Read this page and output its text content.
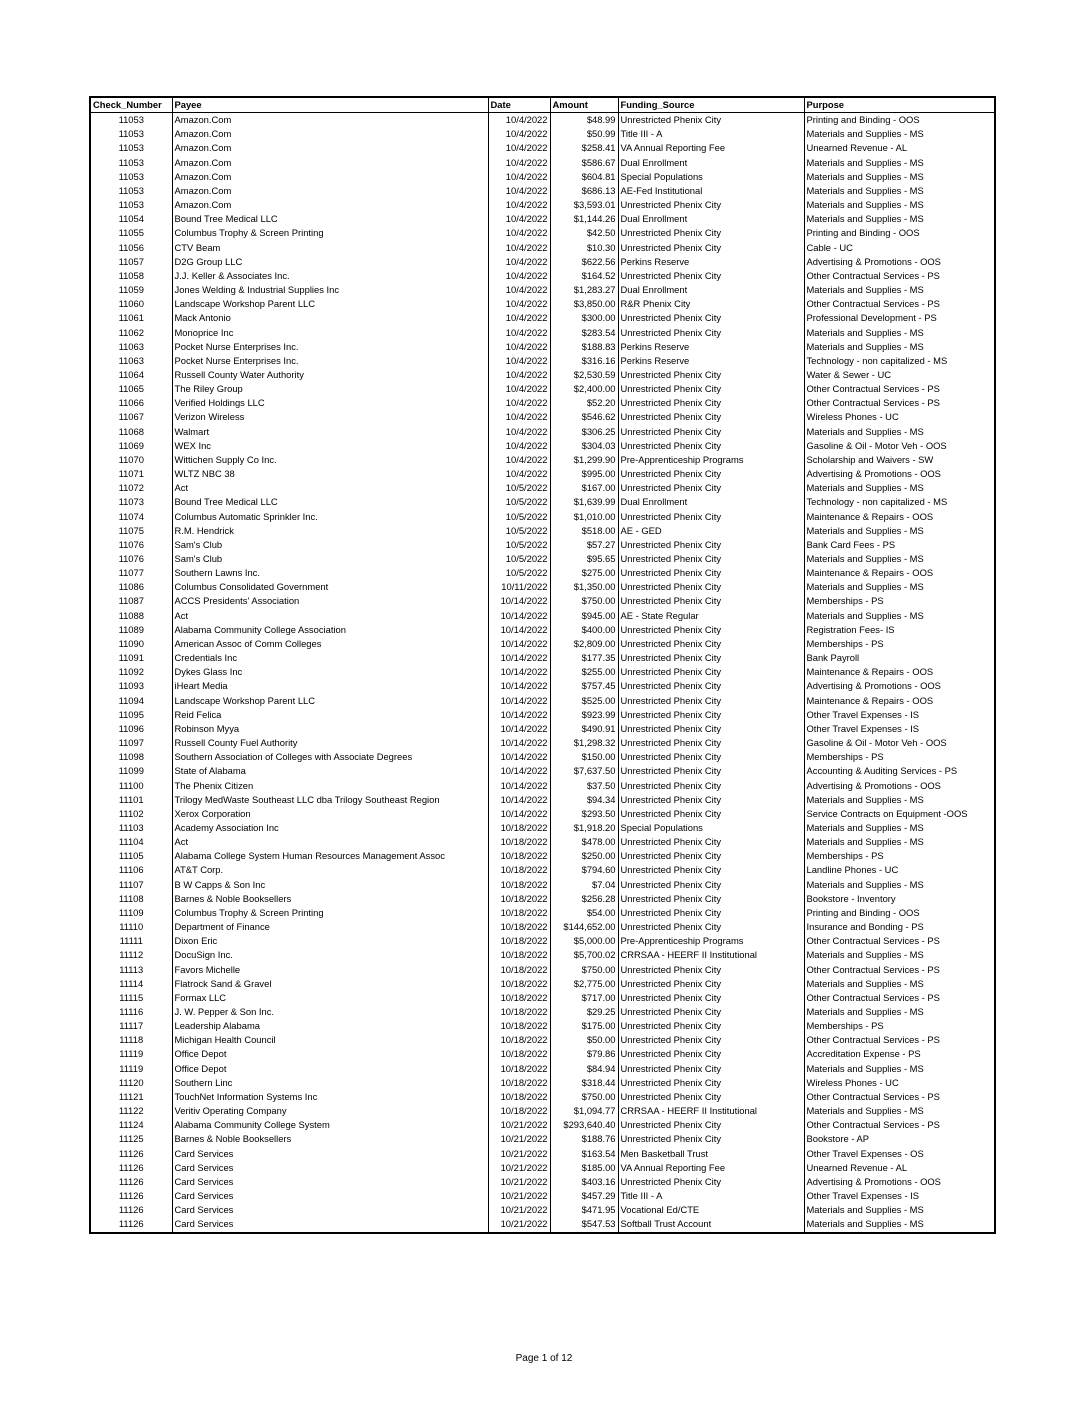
Check_Number	Payee	Date	Amount	Funding_Source	Purpose
11053	Amazon.Com	10/4/2022	$48.99	Unrestricted Phenix City	Printing and Binding - OOS
11053	Amazon.Com	10/4/2022	$50.99	Title III - A	Materials and Supplies - MS
11053	Amazon.Com	10/4/2022	$258.41	VA Annual Reporting Fee	Unearned Revenue - AL
11053	Amazon.Com	10/4/2022	$586.67	Dual Enrollment	Materials and Supplies - MS
11053	Amazon.Com	10/4/2022	$604.81	Special Populations	Materials and Supplies - MS
11053	Amazon.Com	10/4/2022	$686.13	AE-Fed Institutional	Materials and Supplies - MS
11053	Amazon.Com	10/4/2022	$3,593.01	Unrestricted Phenix City	Materials and Supplies - MS
11054	Bound Tree Medical LLC	10/4/2022	$1,144.26	Dual Enrollment	Materials and Supplies - MS
11055	Columbus Trophy & Screen Printing	10/4/2022	$42.50	Unrestricted Phenix City	Printing and Binding - OOS
11056	CTV Beam	10/4/2022	$10.30	Unrestricted Phenix City	Cable - UC
11057	D2G Group LLC	10/4/2022	$622.56	Perkins Reserve	Advertising & Promotions - OOS
11058	J.J. Keller & Associates Inc.	10/4/2022	$164.52	Unrestricted Phenix City	Other Contractual Services - PS
11059	Jones Welding & Industrial Supplies Inc	10/4/2022	$1,283.27	Dual Enrollment	Materials and Supplies - MS
11060	Landscape Workshop Parent LLC	10/4/2022	$3,850.00	R&R Phenix City	Other Contractual Services - PS
11061	Mack Antonio	10/4/2022	$300.00	Unrestricted Phenix City	Professional Development - PS
11062	Monoprice Inc	10/4/2022	$283.54	Unrestricted Phenix City	Materials and Supplies - MS
11063	Pocket Nurse Enterprises Inc.	10/4/2022	$188.83	Perkins Reserve	Materials and Supplies - MS
11063	Pocket Nurse Enterprises Inc.	10/4/2022	$316.16	Perkins Reserve	Technology - non capitalized - MS
11064	Russell County Water Authority	10/4/2022	$2,530.59	Unrestricted Phenix City	Water & Sewer - UC
11065	The Riley Group	10/4/2022	$2,400.00	Unrestricted Phenix City	Other Contractual Services - PS
11066	Verified Holdings LLC	10/4/2022	$52.20	Unrestricted Phenix City	Other Contractual Services - PS
11067	Verizon Wireless	10/4/2022	$546.62	Unrestricted Phenix City	Wireless Phones - UC
11068	Walmart	10/4/2022	$306.25	Unrestricted Phenix City	Materials and Supplies - MS
11069	WEX Inc	10/4/2022	$304.03	Unrestricted Phenix City	Gasoline & Oil - Motor Veh - OOS
11070	Wittichen Supply Co Inc.	10/4/2022	$1,299.90	Pre-Apprenticeship Programs	Scholarship and Waivers - SW
11071	WLTZ NBC 38	10/4/2022	$995.00	Unrestricted Phenix City	Advertising & Promotions - OOS
11072	Act	10/5/2022	$167.00	Unrestricted Phenix City	Materials and Supplies - MS
11073	Bound Tree Medical LLC	10/5/2022	$1,639.99	Dual Enrollment	Technology - non capitalized - MS
11074	Columbus Automatic Sprinkler Inc.	10/5/2022	$1,010.00	Unrestricted Phenix City	Maintenance & Repairs - OOS
11075	R.M. Hendrick	10/5/2022	$518.00	AE - GED	Materials and Supplies - MS
11076	Sam's Club	10/5/2022	$57.27	Unrestricted Phenix City	Bank Card Fees - PS
11076	Sam's Club	10/5/2022	$95.65	Unrestricted Phenix City	Materials and Supplies - MS
11077	Southern Lawns Inc.	10/5/2022	$275.00	Unrestricted Phenix City	Maintenance & Repairs - OOS
11086	Columbus Consolidated Government	10/11/2022	$1,350.00	Unrestricted Phenix City	Materials and Supplies - MS
11087	ACCS Presidents' Association	10/14/2022	$750.00	Unrestricted Phenix City	Memberships - PS
11088	Act	10/14/2022	$945.00	AE - State Regular	Materials and Supplies - MS
11089	Alabama Community College Association	10/14/2022	$400.00	Unrestricted Phenix City	Registration Fees- IS
11090	American Assoc of Comm Colleges	10/14/2022	$2,809.00	Unrestricted Phenix City	Memberships - PS
11091	Credentials Inc	10/14/2022	$177.35	Unrestricted Phenix City	Bank Payroll
11092	Dykes Glass Inc	10/14/2022	$255.00	Unrestricted Phenix City	Maintenance & Repairs - OOS
11093	iHeart Media	10/14/2022	$757.45	Unrestricted Phenix City	Advertising & Promotions - OOS
11094	Landscape Workshop Parent LLC	10/14/2022	$525.00	Unrestricted Phenix City	Maintenance & Repairs - OOS
11095	Reid Felica	10/14/2022	$923.99	Unrestricted Phenix City	Other Travel Expenses - IS
11096	Robinson Myya	10/14/2022	$490.91	Unrestricted Phenix City	Other Travel Expenses - IS
11097	Russell County Fuel Authority	10/14/2022	$1,298.32	Unrestricted Phenix City	Gasoline & Oil - Motor Veh - OOS
11098	Southern Association of Colleges with Associate Degrees	10/14/2022	$150.00	Unrestricted Phenix City	Memberships - PS
11099	State of Alabama	10/14/2022	$7,637.50	Unrestricted Phenix City	Accounting & Auditing Services - PS
11100	The Phenix Citizen	10/14/2022	$37.50	Unrestricted Phenix City	Advertising & Promotions - OOS
11101	Trilogy MedWaste Southeast LLC dba Trilogy Southeast Region	10/14/2022	$94.34	Unrestricted Phenix City	Materials and Supplies - MS
11102	Xerox Corporation	10/14/2022	$293.50	Unrestricted Phenix City	Service Contracts on Equipment -OOS
11103	Academy Association Inc	10/18/2022	$1,918.20	Special Populations	Materials and Supplies - MS
11104	Act	10/18/2022	$478.00	Unrestricted Phenix City	Materials and Supplies - MS
11105	Alabama College System Human Resources Management Assoc	10/18/2022	$250.00	Unrestricted Phenix City	Memberships - PS
11106	AT&T Corp.	10/18/2022	$794.60	Unrestricted Phenix City	Landline Phones - UC
11107	B W Capps & Son Inc	10/18/2022	$7.04	Unrestricted Phenix City	Materials and Supplies - MS
11108	Barnes & Noble Booksellers	10/18/2022	$256.28	Unrestricted Phenix City	Bookstore - Inventory
11109	Columbus Trophy & Screen Printing	10/18/2022	$54.00	Unrestricted Phenix City	Printing and Binding - OOS
11110	Department of Finance	10/18/2022	$144,652.00	Unrestricted Phenix City	Insurance and Bonding - PS
11111	Dixon Eric	10/18/2022	$5,000.00	Pre-Apprenticeship Programs	Other Contractual Services - PS
11112	DocuSign Inc.	10/18/2022	$5,700.02	CRRSAA - HEERF II Institutional	Materials and Supplies - MS
11113	Favors Michelle	10/18/2022	$750.00	Unrestricted Phenix City	Other Contractual Services - PS
11114	Flatrock Sand & Gravel	10/18/2022	$2,775.00	Unrestricted Phenix City	Materials and Supplies - MS
11115	Formax LLC	10/18/2022	$717.00	Unrestricted Phenix City	Other Contractual Services - PS
11116	J. W. Pepper & Son Inc.	10/18/2022	$29.25	Unrestricted Phenix City	Materials and Supplies - MS
11117	Leadership Alabama	10/18/2022	$175.00	Unrestricted Phenix City	Memberships - PS
11118	Michigan Health Council	10/18/2022	$50.00	Unrestricted Phenix City	Other Contractual Services - PS
11119	Office Depot	10/18/2022	$79.86	Unrestricted Phenix City	Accreditation Expense - PS
11119	Office Depot	10/18/2022	$84.94	Unrestricted Phenix City	Materials and Supplies - MS
11120	Southern Linc	10/18/2022	$318.44	Unrestricted Phenix City	Wireless Phones - UC
11121	TouchNet Information Systems Inc	10/18/2022	$750.00	Unrestricted Phenix City	Other Contractual Services - PS
11122	Veritiv Operating Company	10/18/2022	$1,094.77	CRRSAA - HEERF II Institutional	Materials and Supplies - MS
11124	Alabama Community College System	10/21/2022	$293,640.40	Unrestricted Phenix City	Other Contractual Services - PS
11125	Barnes & Noble Booksellers	10/21/2022	$188.76	Unrestricted Phenix City	Bookstore - AP
11126	Card Services	10/21/2022	$163.54	Men Basketball Trust	Other Travel Expenses - OS
11126	Card Services	10/21/2022	$185.00	VA Annual Reporting Fee	Unearned Revenue - AL
11126	Card Services	10/21/2022	$403.16	Unrestricted Phenix City	Advertising & Promotions - OOS
11126	Card Services	10/21/2022	$457.29	Title III - A	Other Travel Expenses - IS
11126	Card Services	10/21/2022	$471.95	Vocational Ed/CTE	Materials and Supplies - MS
11126	Card Services	10/21/2022	$547.53	Softball Trust Account	Materials and Supplies - MS
Page 1 of 12
